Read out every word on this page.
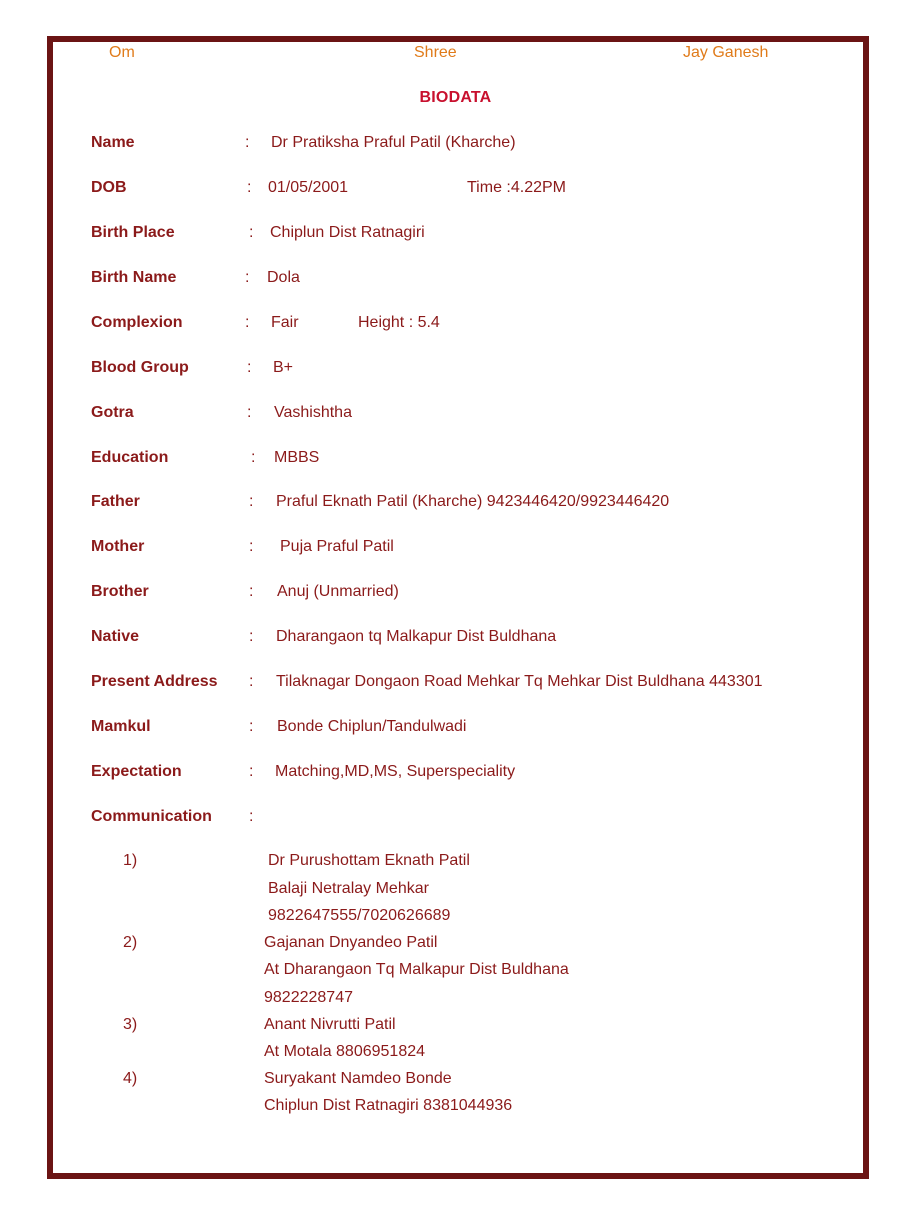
Om	Shree	Jay Ganesh
BIODATA
Name	: Dr Pratiksha Praful Patil (Kharche)
DOB	: 01/05/2001	Time :4.22PM
Birth Place	: Chiplun Dist Ratnagiri
Birth Name	: Dola
Complexion	: Fair	Height : 5.4
Blood Group	: B+
Gotra	: Vashishtha
Education	: MBBS
Father	: Praful Eknath Patil (Kharche) 9423446420/9923446420
Mother	: Puja Praful Patil
Brother	: Anuj (Unmarried)
Native	: Dharangaon tq Malkapur Dist Buldhana
Present Address : Tilaknagar Dongaon Road Mehkar Tq Mehkar Dist Buldhana 443301
Mamkul	: Bonde Chiplun/Tandulwadi
Expectation	: Matching,MD,MS, Superspeciality
Communication :
1)	Dr Purushottam Eknath Patil
Balaji Netralay Mehkar
9822647555/7020626689
2)	Gajanan Dnyandeo Patil
At Dharangaon Tq Malkapur Dist Buldhana
9822228747
3)	Anant Nivrutti Patil
At Motala 8806951824
4)	Suryakant Namdeo Bonde
Chiplun Dist Ratnagiri 8381044936
